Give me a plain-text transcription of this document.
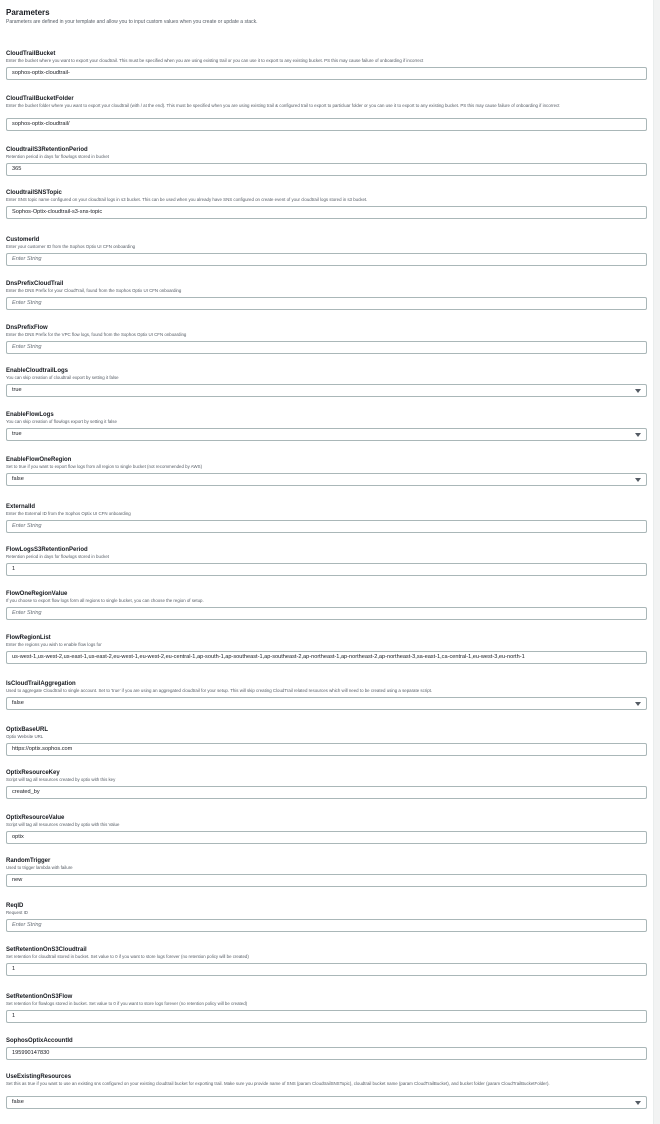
Parameters
Parameters are defined in your template and allow you to input custom values when you create or update a stack.
CloudTrailBucket
Enter the bucket where you want to export your cloudtrail. This must be specified when you are using existing trail or you can use it to export to any existing bucket. PS this may cause failure of onboarding if incorrect
sophos-optix-cloudtrail-
CloudTrailBucketFolder
Enter the bucket folder where you want to export your cloudtrail (with / at the end). This must be specified when you are using existing trail & configured trail to export to particluar folder or you can use it to export to any existing bucket. PS this may cause failure of onboarding if incorrect
sophos-optix-cloudtrail/
CloudtrailS3RetentionPeriod
Retention period in days for flowlogs stored in bucket
365
CloudtrailSNSTopic
Enter SNS topic name configured on your cloudtrail logs in s3 bucket. This can be used when you already have SNS configured on create event of your cloudtrail logs stored in s3 bucket.
Sophos-Optix-cloudtrail-s3-sns-topic
CustomerId
Enter your customer ID from the Sophos Optix UI CFN onboarding
Enter String
DnsPrefixCloudTrail
Enter the DNS Prefix for your CloudTrail, found from the Sophos Optix UI CFN onboarding
Enter String
DnsPrefixFlow
Enter the DNS Prefix for the VPC flow logs, found from the Sophos Optix UI CFN onboarding
Enter String
EnableCloudtrailLogs
You can skip creation of cloudtrail export by setting it false
true
EnableFlowLogs
You can skip creation of flowlogs export by setting it false
true
EnableFlowOneRegion
Set to true if you want to export flow logs from all region to single bucket (not recommended by AWS)
false
ExternalId
Enter the External ID from the Sophos Optix UI CFN onboarding
Enter String
FlowLogsS3RetentionPeriod
Retention period in days for flowlogs stored in bucket
1
FlowOneRegionValue
If you choose to export flow logs form all regions to single bucket, you can choose the region of setup.
Enter String
FlowRegionList
Enter the regions you wish to enable flow logs for
us-west-1,us-west-2,us-east-1,us-east-2,eu-west-1,eu-west-2,eu-central-1,ap-south-1,ap-southeast-1,ap-southeast-2,ap-northeast-1,ap-northeast-2,ap-northeast-3,sa-east-1,ca-central-1,eu-west-3,eu-north-1
IsCloudTrailAggregation
Used to aggregate Cloudtrail to single account. Set to 'true' if you are using an aggregated cloudtrail for your setup. This will skip creating CloudTrail related resources which will need to be created using a separate script.
false
OptixBaseURL
Optix Website URL
https://optix.sophos.com
OptixResourceKey
Script will tag all resources created by optix with this key
created_by
OptixResourceValue
Script will tag all resources created by optix with this Value
optix
RandomTrigger
Used to trigger lambda with failure
new
ReqID
Request ID
Enter String
SetRetentionOnS3Cloudtrail
Set retention for cloudtrail stored in bucket. Set value to 0 if you want to store logs forever (no retention policy will be created)
1
SetRetentionOnS3Flow
Set retention for flowlogs stored in bucket. Set value to 0 if you want to store logs forever (no retention policy will be created)
1
SophosOptixAccountId
195990147830
UseExistingResources
Set this as true if you want to use an existing sns configured on your existing cloudtrail bucket for exporting trail. Make sure you provide name of SNS (param CloudtrailSNSTopic), cloudtrail bucket name (param CloudTrailBucket), and bucket folder (param CloudTrailBucketFolder).
false
